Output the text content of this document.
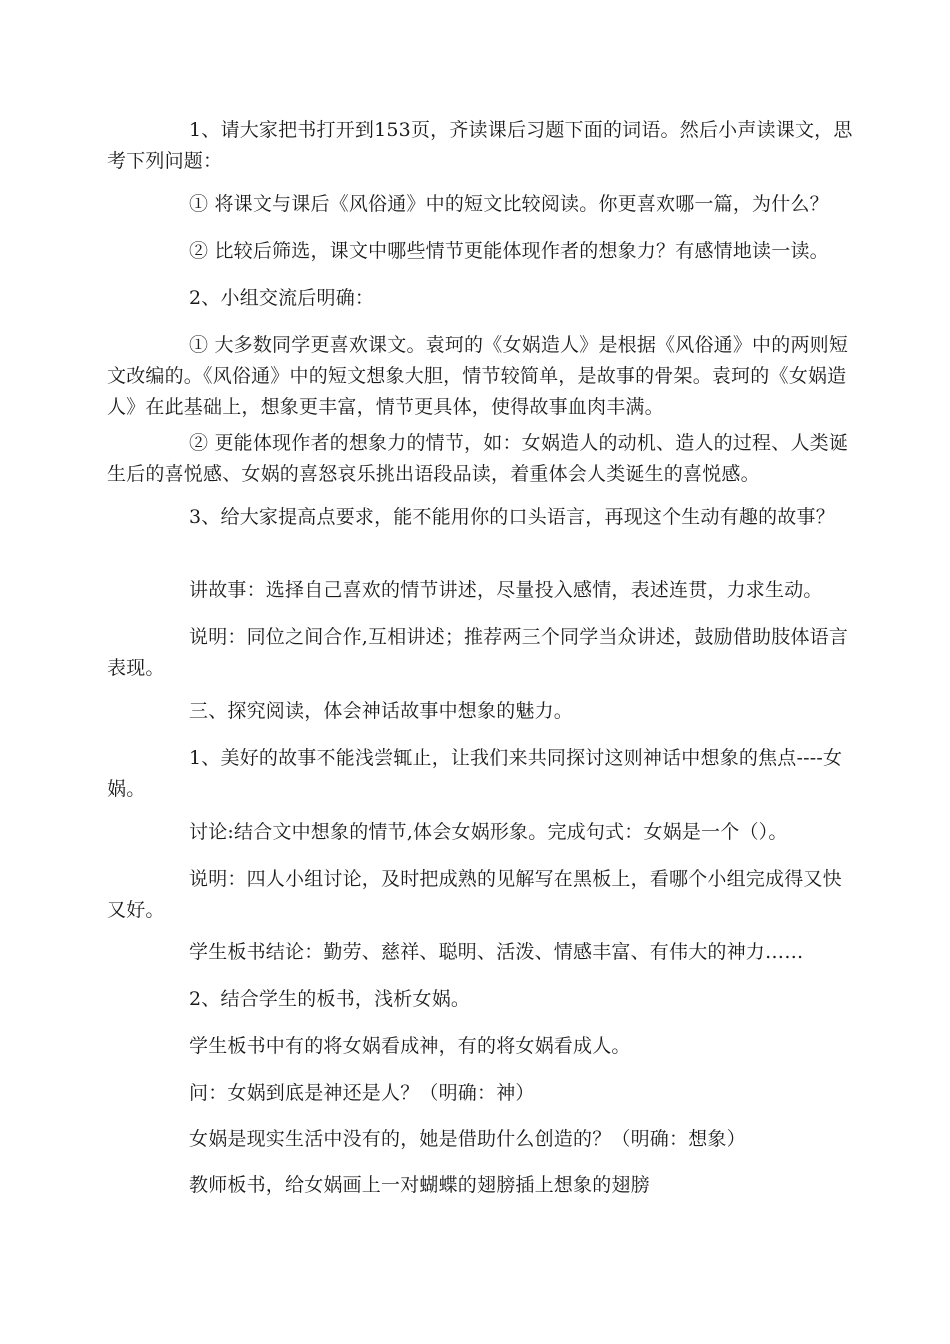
1、请大家把书打开到153页，齐读课后习题下面的词语。然后小声读课文，思考下列问题：

① 将课文与课后《风俗通》中的短文比较阅读。你更喜欢哪一篇，为什么？

② 比较后筛选，课文中哪些情节更能体现作者的想象力？有感情地读一读。

2、小组交流后明确：

① 大多数同学更喜欢课文。袁珂的《女娲造人》是根据《风俗通》中的两则短文改编的。《风俗通》中的短文想象大胆，情节较简单，是故事的骨架。袁珂的《女娲造人》在此基础上，想象更丰富，情节更具体，使得故事血肉丰满。

② 更能体现作者的想象力的情节，如：女娲造人的动机、造人的过程、人类诞生后的喜悦感、女娲的喜怒哀乐挑出语段品读，着重体会人类诞生的喜悦感。

3、给大家提高点要求，能不能用你的口头语言，再现这个生动有趣的故事？

讲故事：选择自己喜欢的情节讲述，尽量投入感情，表述连贯，力求生动。

说明：同位之间合作,互相讲述；推荐两三个同学当众讲述，鼓励借助肢体语言表现。

三、探究阅读，体会神话故事中想象的魅力。

1、美好的故事不能浅尝辄止，让我们来共同探讨这则神话中想象的焦点----女娲。

讨论:结合文中想象的情节,体会女娲形象。完成句式：女娲是一个（）。

说明：四人小组讨论，及时把成熟的见解写在黑板上，看哪个小组完成得又快又好。

学生板书结论：勤劳、慈祥、聪明、活泼、情感丰富、有伟大的神力……

2、结合学生的板书，浅析女娲。

学生板书中有的将女娲看成神，有的将女娲看成人。

问：女娲到底是神还是人？（明确：神）

女娲是现实生活中没有的，她是借助什么创造的？（明确：想象）

教师板书，给女娲画上一对蝴蝶的翅膀插上想象的翅膀
